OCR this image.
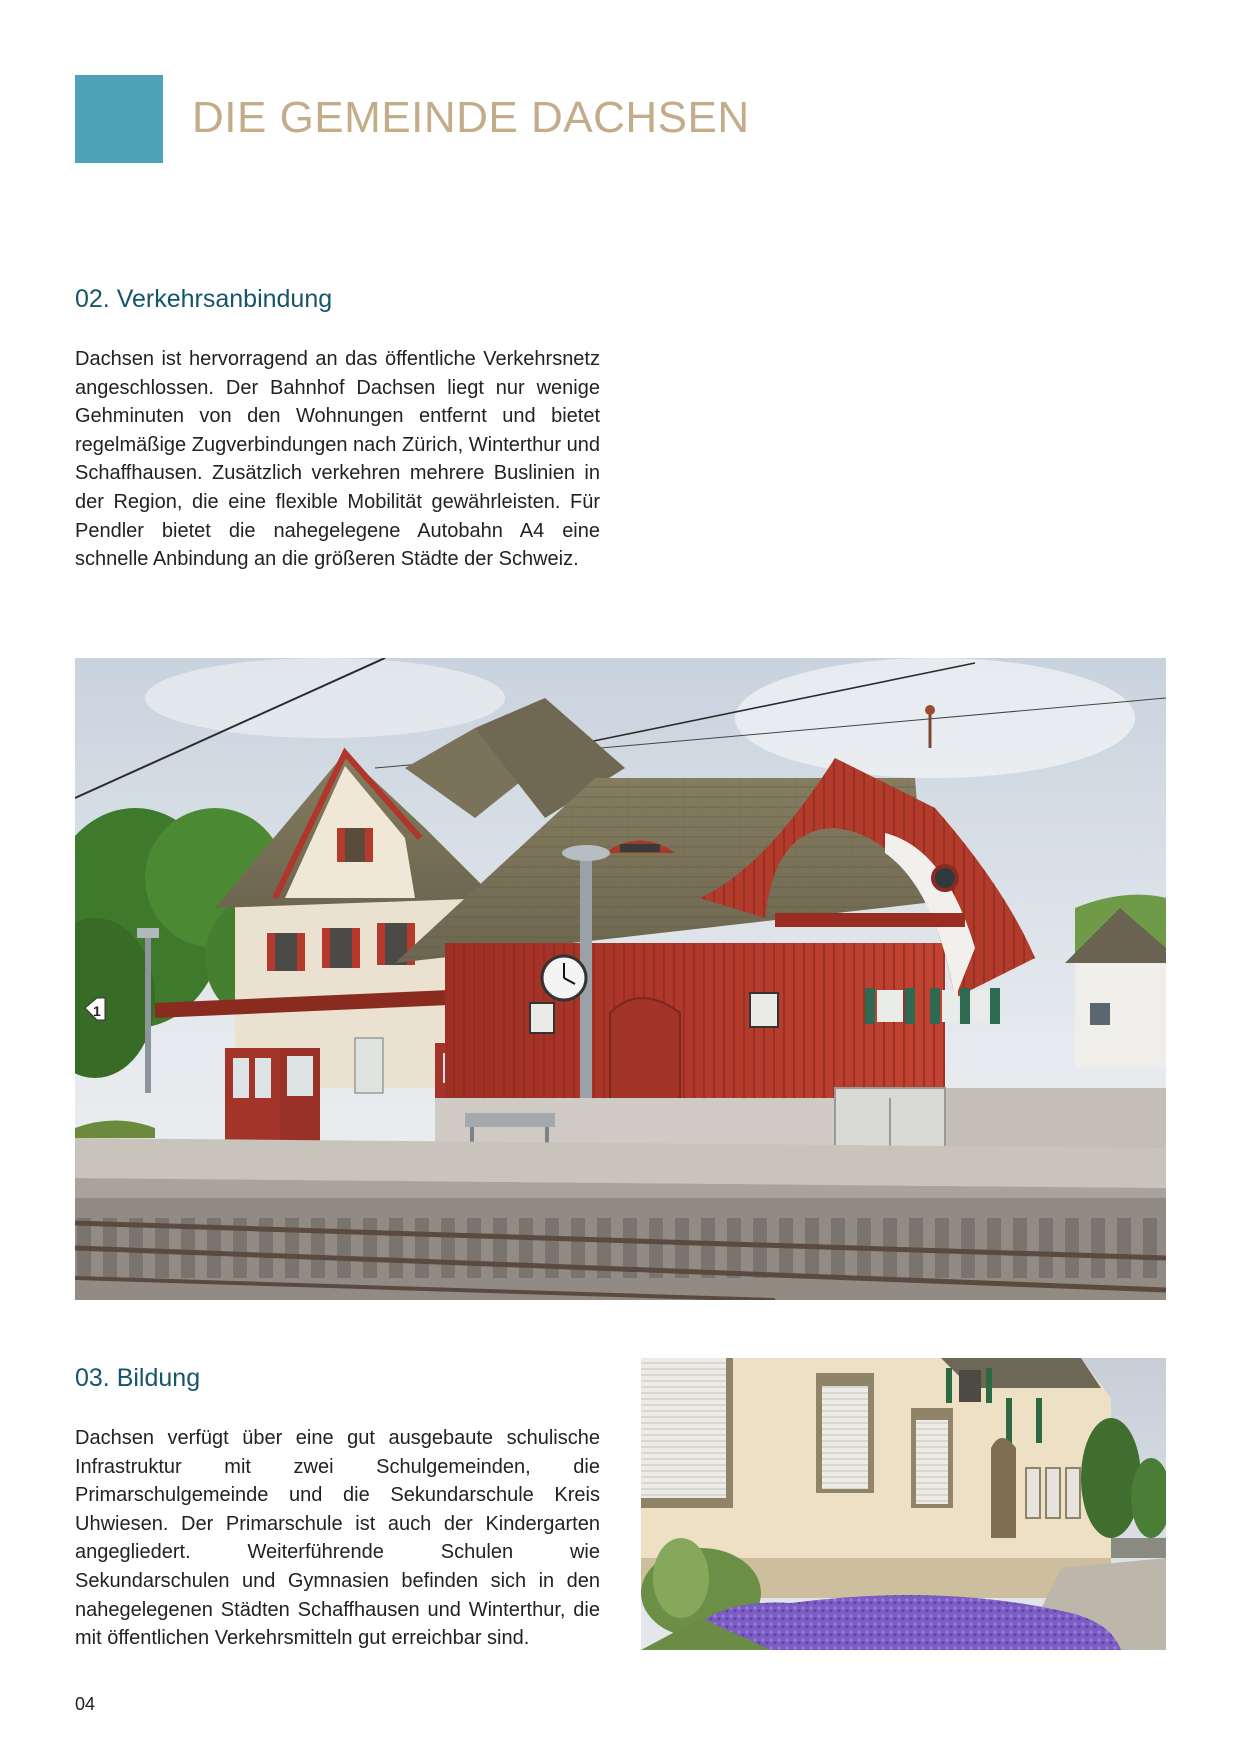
DIE GEMEINDE DACHSEN
02. Verkehrsanbindung

Dachsen ist hervorragend an das öffentliche Verkehrsnetz angeschlossen. Der Bahnhof Dachsen liegt nur wenige Gehminuten von den Wohnungen entfernt und bietet regelmäßige Zugverbindungen nach Zürich, Winterthur und Schaffhausen. Zusätzlich verkehren mehrere Buslinien in der Region, die eine flexible Mobilität gewährleisten. Für Pendler bietet die nahegelegene Autobahn A4 eine schnelle Anbindung an die größeren Städte der Schweiz.

1
03. Bildung

Dachsen verfügt über eine gut ausgebaute schulische Infrastruktur mit zwei Schulgemeinden, die Primarschulgemeinde und die Sekundarschule Kreis Uhwiesen. Der Primarschule ist auch der Kindergarten angegliedert. Weiterführende Schulen wie Sekundarschulen und Gymnasien befinden sich in den nahegelegenen Städten Schaffhausen und Winterthur, die mit öffentlichen Verkehrsmitteln gut erreichbar sind.

04
